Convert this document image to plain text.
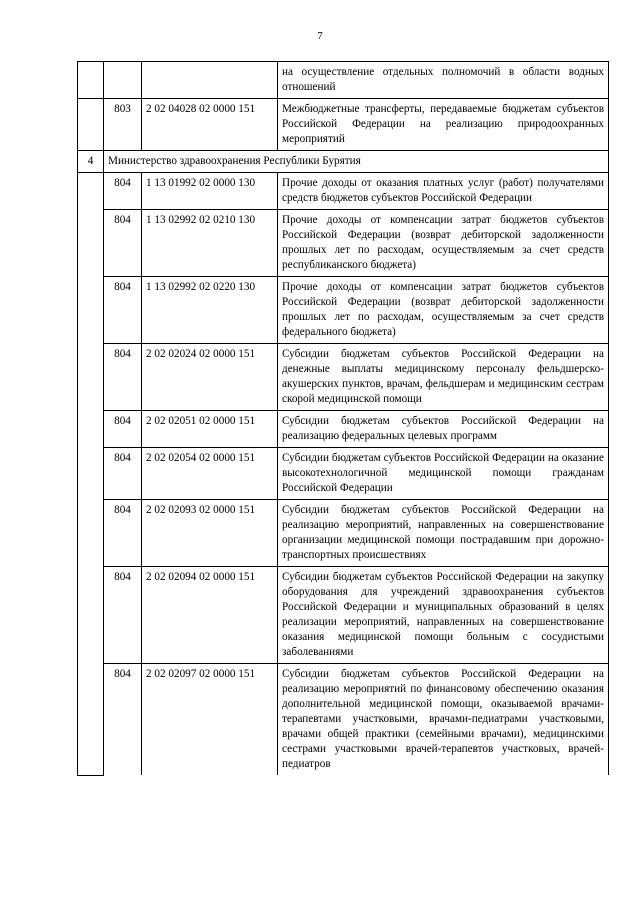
7
			на осуществление отдельных полномочий в области водных отношений
	803	2 02 04028 02 0000 151	Межбюджетные трансферты, передаваемые бюджетам субъектов Российской Федерации на реализацию природоохранных мероприятий
4	Министерство здравоохранения Республики Бурятия		
	804	1 13 01992 02 0000 130	Прочие доходы от оказания платных услуг (работ) получателями средств бюджетов субъектов Российской Федерации
	804	1 13 02992 02 0210 130	Прочие доходы от компенсации затрат бюджетов субъектов Российской Федерации (возврат дебиторской задолженности прошлых лет по расходам, осуществляемым за счет средств республиканского бюджета)
	804	1 13 02992 02 0220 130	Прочие доходы от компенсации затрат бюджетов субъектов Российской Федерации (возврат дебиторской задолженности прошлых лет по расходам, осуществляемым за счет средств федерального бюджета)
	804	2 02 02024 02 0000 151	Субсидии бюджетам субъектов Российской Федерации на денежные выплаты медицинскому персоналу фельдшерско-акушерских пунктов, врачам, фельдшерам и медицинским сестрам скорой медицинской помощи
	804	2 02 02051 02 0000 151	Субсидии бюджетам субъектов Российской Федерации на реализацию федеральных целевых программ
	804	2 02 02054 02 0000 151	Субсидии бюджетам субъектов Российской Федерации на оказание высокотехнологичной медицинской помощи гражданам Российской Федерации
	804	2 02 02093 02 0000 151	Субсидии бюджетам субъектов Российской Федерации на реализацию мероприятий, направленных на совершенствование организации медицинской помощи пострадавшим при дорожно-транспортных происшествиях
	804	2 02 02094 02 0000 151	Субсидии бюджетам субъектов Российской Федерации на закупку оборудования для учреждений здравоохранения субъектов Российской Федерации и муниципальных образований в целях реализации мероприятий, направленных на совершенствование оказания медицинской помощи больным с сосудистыми заболеваниями
	804	2 02 02097 02 0000 151	Субсидии бюджетам субъектов Российской Федерации на реализацию мероприятий по финансовому обеспечению оказания дополнительной медицинской помощи, оказываемой врачами-терапевтами участковыми, врачами-педиатрами участковыми, врачами общей практики (семейными врачами), медицинскими сестрами участковыми врачей-терапевтов участковых, врачей-педиатров
